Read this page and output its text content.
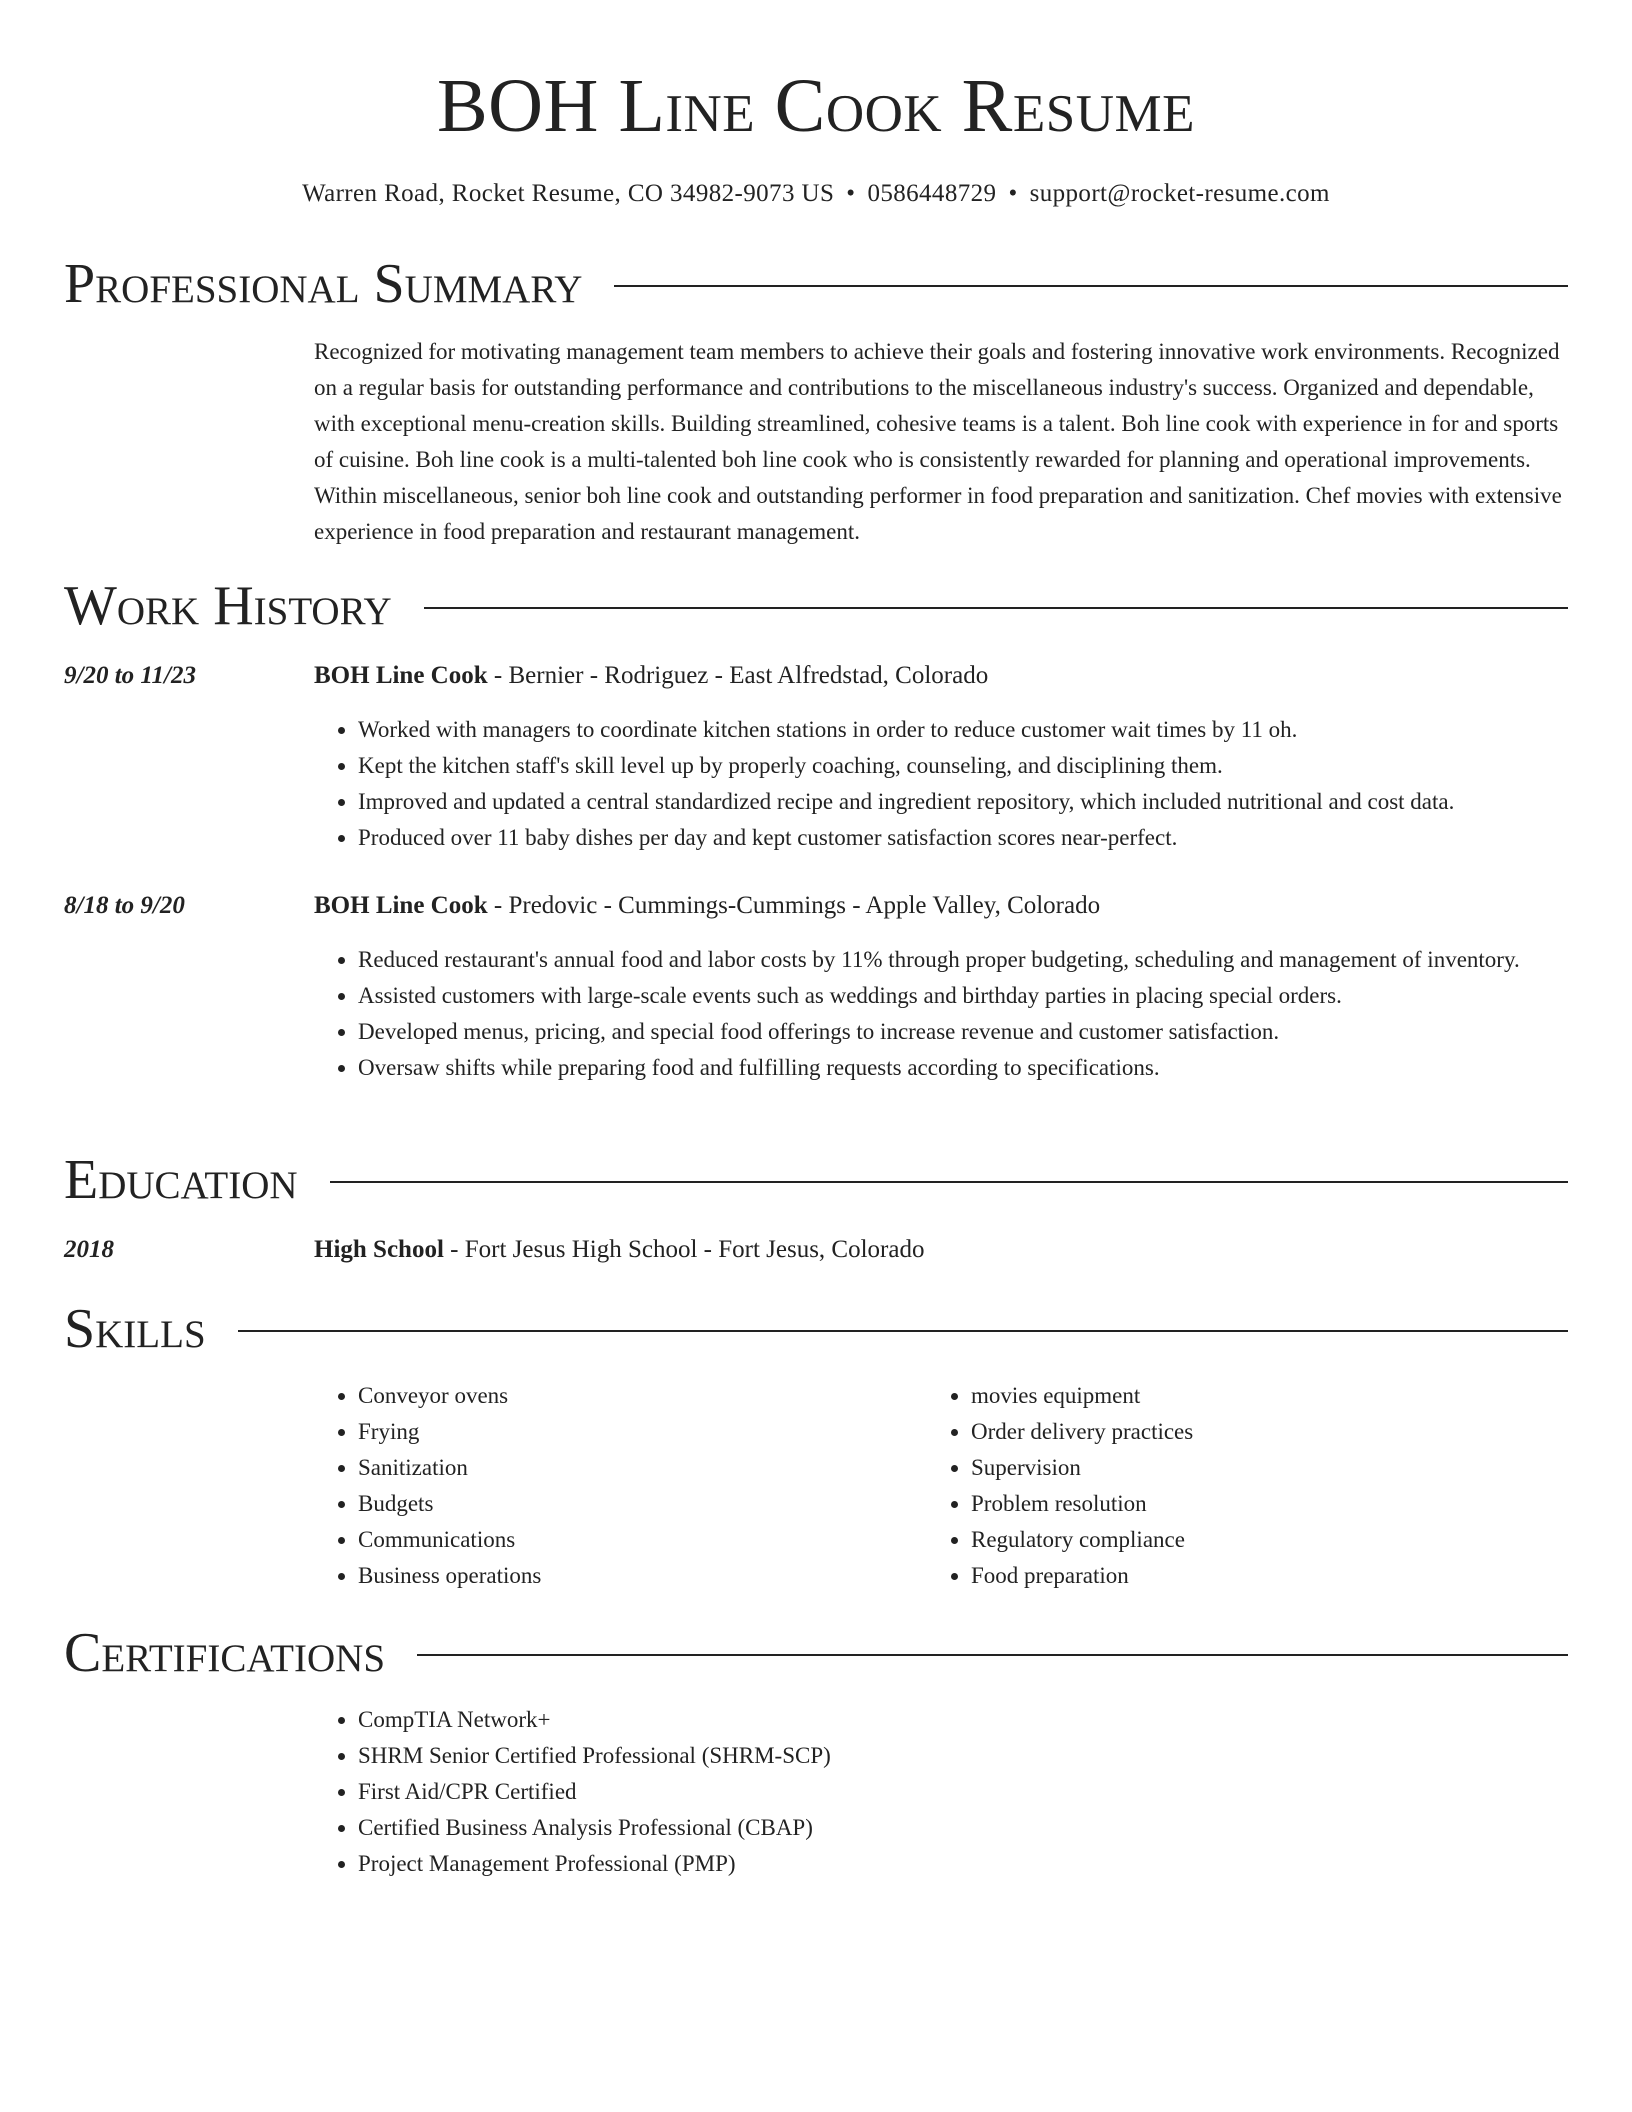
BOH Line Cook Resume
Warren Road, Rocket Resume, CO 34982-9073 US • 0586448729 • support@rocket-resume.com
Professional Summary
Recognized for motivating management team members to achieve their goals and fostering innovative work environments. Recognized on a regular basis for outstanding performance and contributions to the miscellaneous industry's success. Organized and dependable, with exceptional menu-creation skills. Building streamlined, cohesive teams is a talent. Boh line cook with experience in for and sports of cuisine. Boh line cook is a multi-talented boh line cook who is consistently rewarded for planning and operational improvements. Within miscellaneous, senior boh line cook and outstanding performer in food preparation and sanitization. Chef movies with extensive experience in food preparation and restaurant management.
Work History
9/20 to 11/23	BOH Line Cook - Bernier - Rodriguez - East Alfredstad, Colorado
• Worked with managers to coordinate kitchen stations in order to reduce customer wait times by 11 oh.
• Kept the kitchen staff's skill level up by properly coaching, counseling, and disciplining them.
• Improved and updated a central standardized recipe and ingredient repository, which included nutritional and cost data.
• Produced over 11 baby dishes per day and kept customer satisfaction scores near-perfect.
8/18 to 9/20	BOH Line Cook - Predovic - Cummings-Cummings - Apple Valley, Colorado
• Reduced restaurant's annual food and labor costs by 11% through proper budgeting, scheduling and management of inventory.
• Assisted customers with large-scale events such as weddings and birthday parties in placing special orders.
• Developed menus, pricing, and special food offerings to increase revenue and customer satisfaction.
• Oversaw shifts while preparing food and fulfilling requests according to specifications.
Education
2018	High School - Fort Jesus High School - Fort Jesus, Colorado
Skills
• Conveyor ovens
• Frying
• Sanitization
• Budgets
• Communications
• Business operations
• movies equipment
• Order delivery practices
• Supervision
• Problem resolution
• Regulatory compliance
• Food preparation
Certifications
• CompTIA Network+
• SHRM Senior Certified Professional (SHRM-SCP)
• First Aid/CPR Certified
• Certified Business Analysis Professional (CBAP)
• Project Management Professional (PMP)
